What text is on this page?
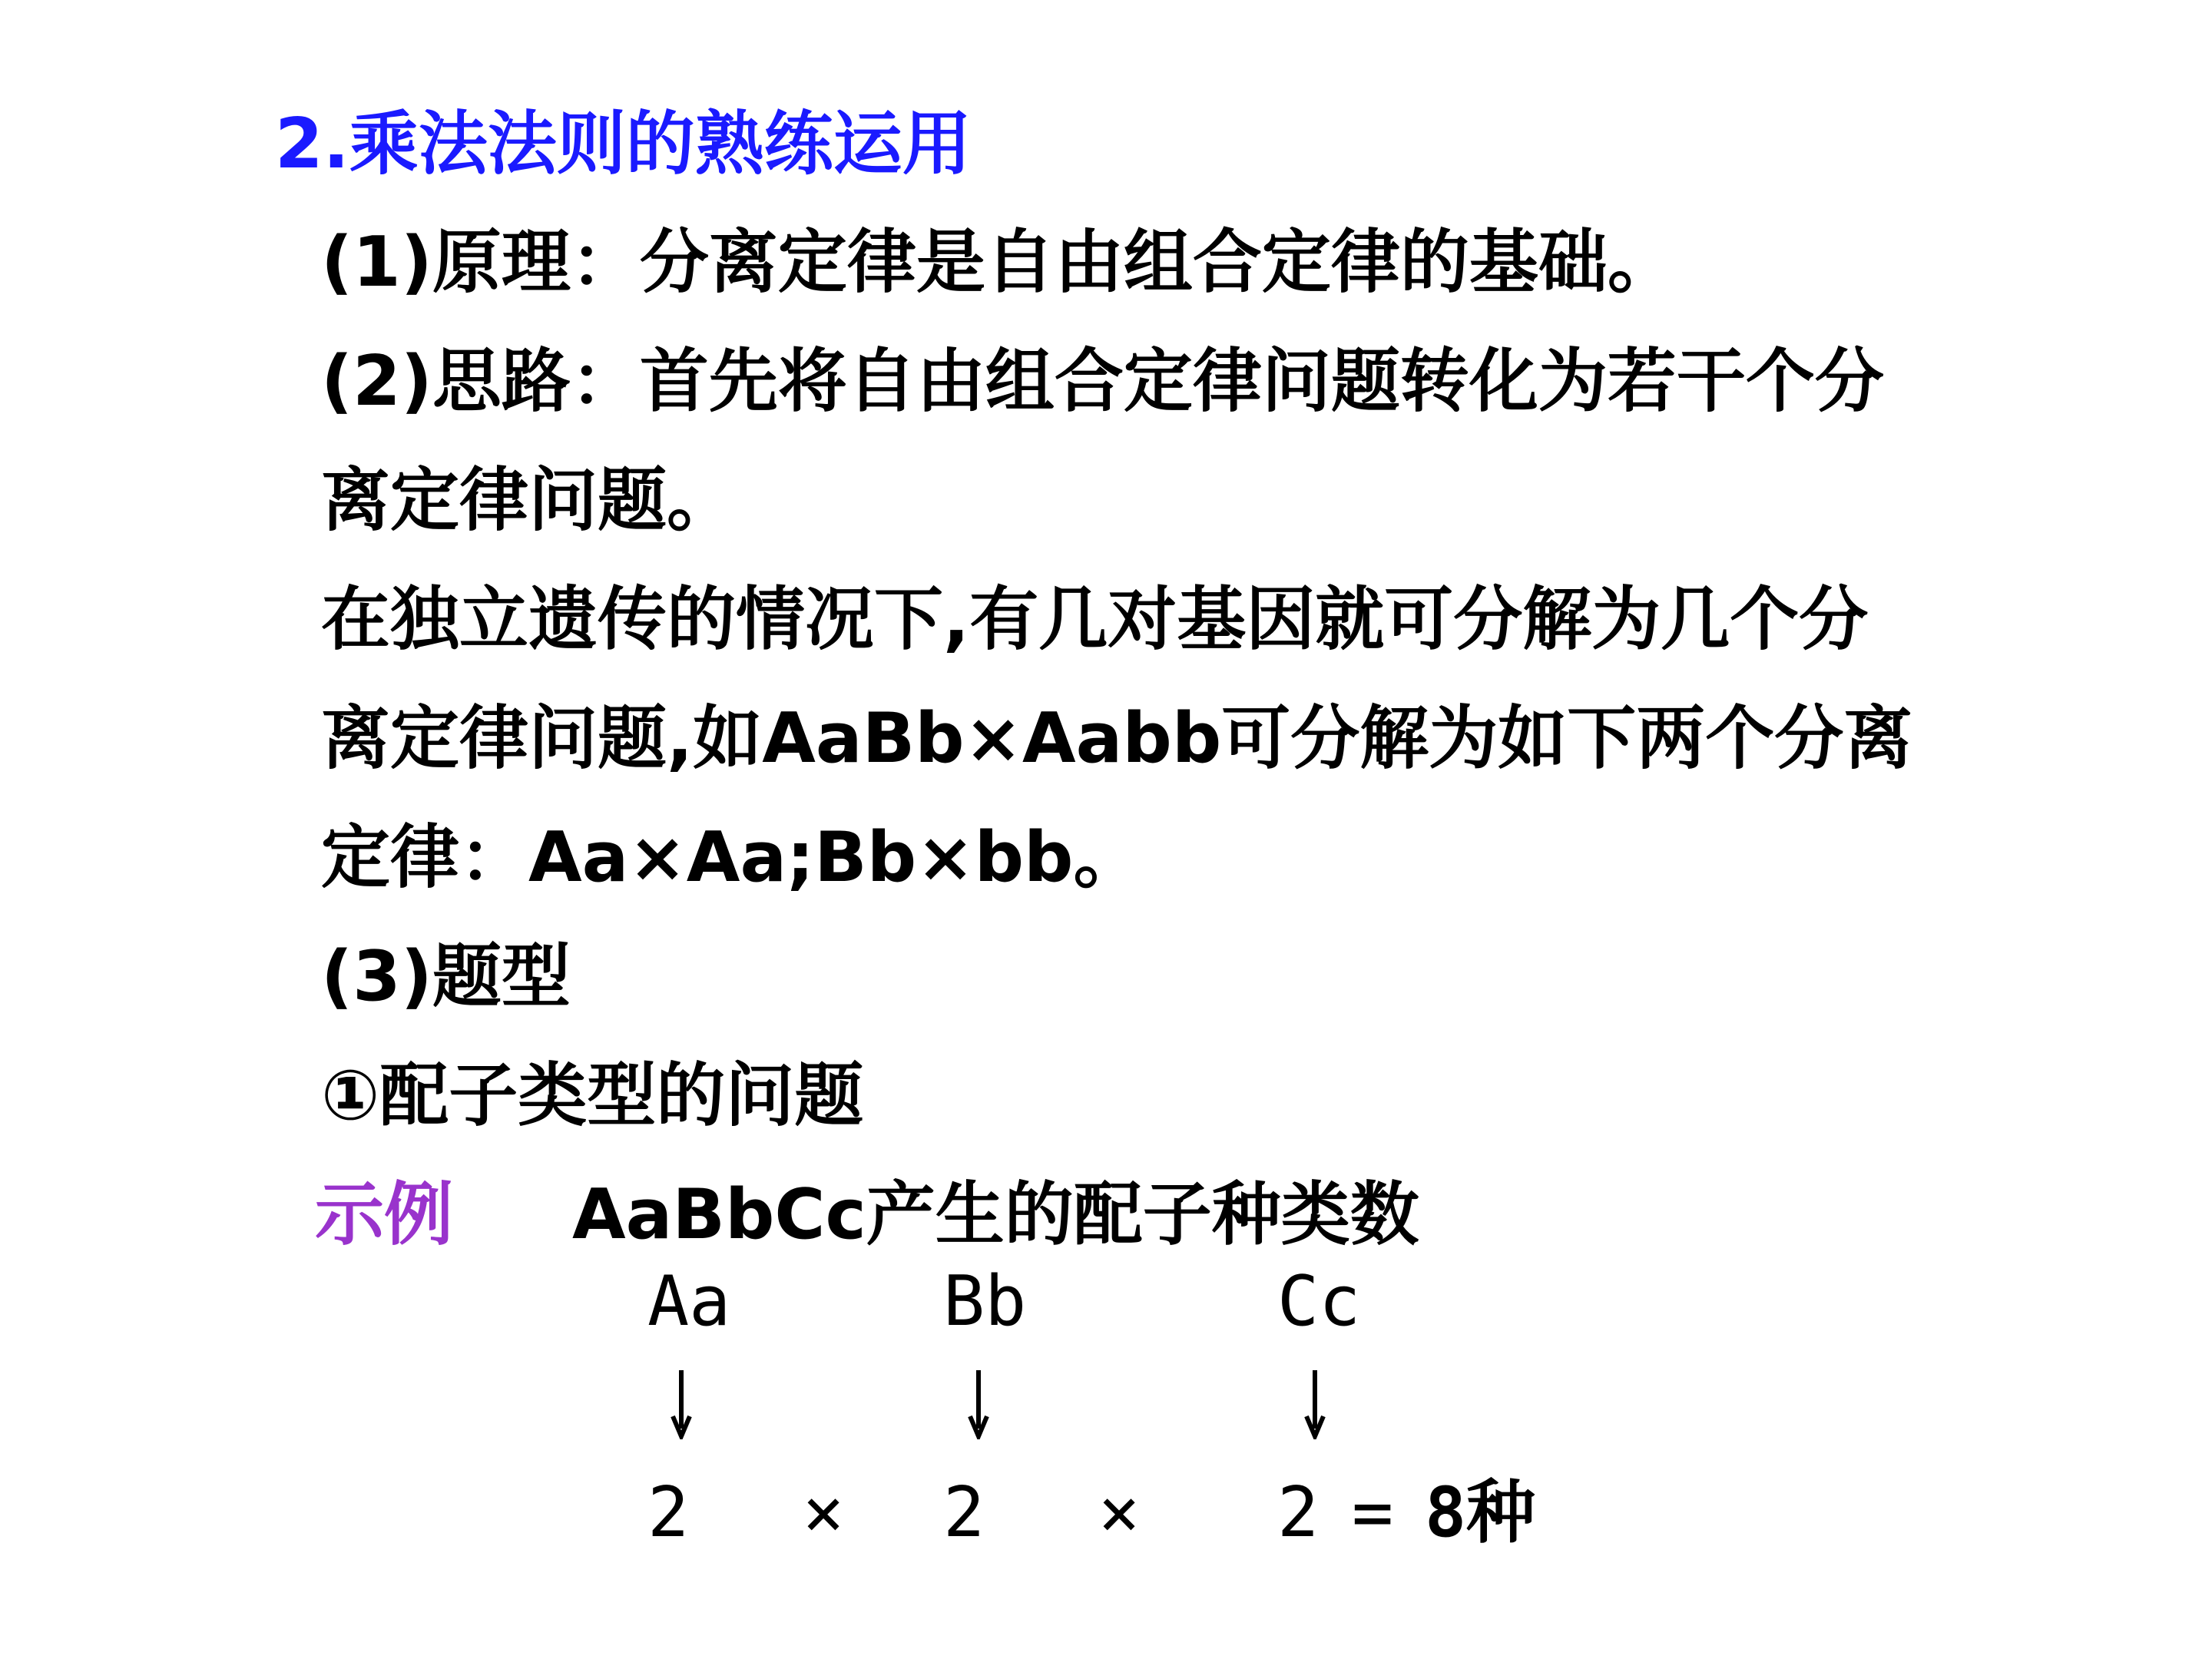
2.乘法法则的熟练运用
(1)原理：分离定律是自由组合定律的基础。
(2)思路：首先将自由组合定律问题转化为若干个分
离定律问题。
在独立遗传的情况下,有几对基因就可分解为几个分
离定律问题,如AaBb×Aabb可分解为如下两个分离
定律：Aa×Aa;Bb×bb。
(3)题型
①配子类型的问题
示例 AaBbCc产生的配子种类数
Aa	Bb	Cc
2 × 2 × 2 = 8种
